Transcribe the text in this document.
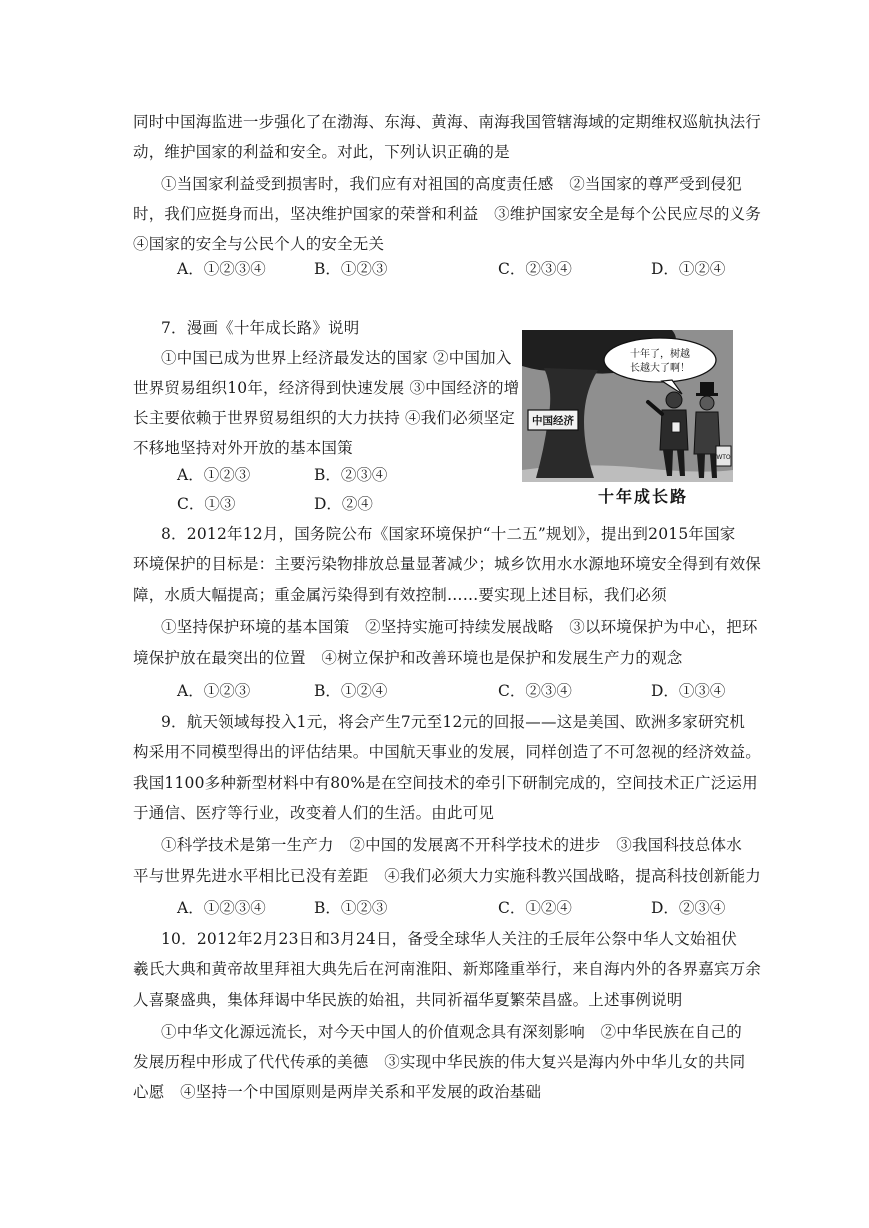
同时中国海监进一步强化了在渤海、东海、黄海、南海我国管辖海域的定期维权巡航执法行
动，维护国家的利益和安全。对此，下列认识正确的是
①当国家利益受到损害时，我们应有对祖国的高度责任感　②当国家的尊严受到侵犯
时，我们应挺身而出，坚决维护国家的荣誉和利益　③维护国家安全是每个公民应尽的义务
④国家的安全与公民个人的安全无关
A．①②③④	B．①②③	C．②③④	D．①②④
7．漫画《十年成长路》说明
①中国已成为世界上经济最发达的国家 ②中国加入
世界贸易组织10年，经济得到快速发展 ③中国经济的增
长主要依赖于世界贸易组织的大力扶持 ④我们必须坚定
不移地坚持对外开放的基本国策
A．①②③	B．②③④
C．①③	D．②④
中国经济
十年了，树越
长越大了啊！
WTO
十年成长路
8．2012年12月，国务院公布《国家环境保护“十二五”规划》，提出到2015年国家
环境保护的目标是：主要污染物排放总量显著减少；城乡饮用水水源地环境安全得到有效保
障，水质大幅提高；重金属污染得到有效控制……要实现上述目标，我们必须
①坚持保护环境的基本国策　②坚持实施可持续发展战略　③以环境保护为中心，把环
境保护放在最突出的位置　④树立保护和改善环境也是保护和发展生产力的观念
A．①②③	B．①②④	C．②③④	D．①③④
9．航天领域每投入1元，将会产生7元至12元的回报——这是美国、欧洲多家研究机
构采用不同模型得出的评估结果。中国航天事业的发展，同样创造了不可忽视的经济效益。
我国1100多种新型材料中有80%是在空间技术的牵引下研制完成的，空间技术正广泛运用
于通信、医疗等行业，改变着人们的生活。由此可见
①科学技术是第一生产力　②中国的发展离不开科学技术的进步　③我国科技总体水
平与世界先进水平相比已没有差距　④我们必须大力实施科教兴国战略，提高科技创新能力
A．①②③④	B．①②③	C．①②④	D．②③④
10．2012年2月23日和3月24日，备受全球华人关注的壬辰年公祭中华人文始祖伏
羲氏大典和黄帝故里拜祖大典先后在河南淮阳、新郑隆重举行，来自海内外的各界嘉宾万余
人喜聚盛典，集体拜谒中华民族的始祖，共同祈福华夏繁荣昌盛。上述事例说明
①中华文化源远流长，对今天中国人的价值观念具有深刻影响　②中华民族在自己的
发展历程中形成了代代传承的美德　③实现中华民族的伟大复兴是海内外中华儿女的共同
心愿　④坚持一个中国原则是两岸关系和平发展的政治基础
